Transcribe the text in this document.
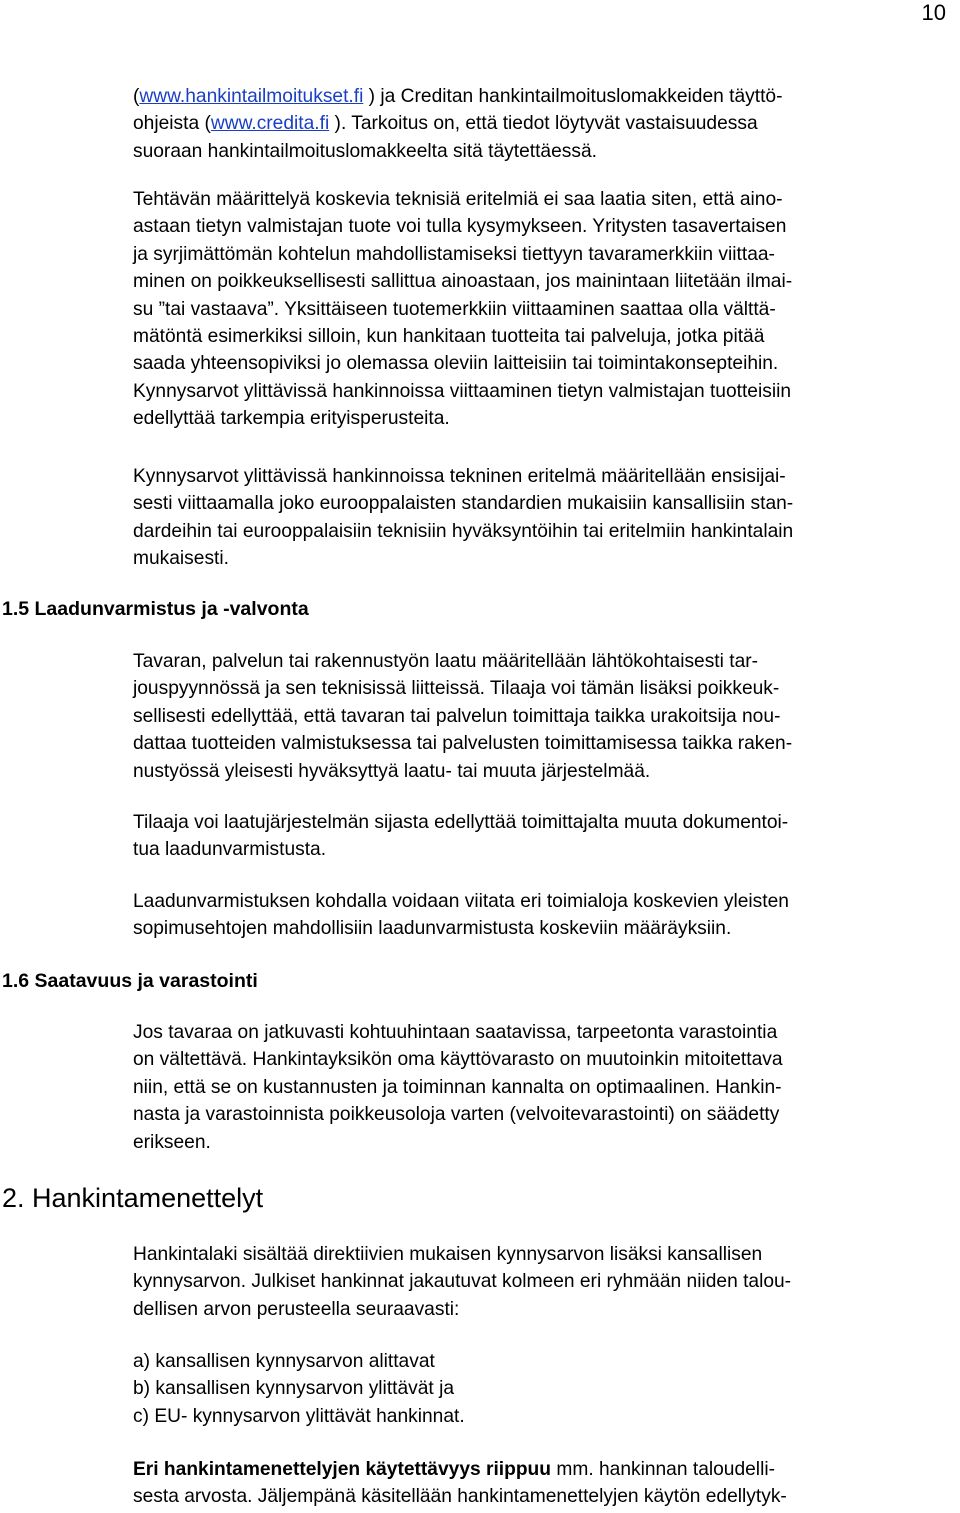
10

(www.hankintailmoitukset.fi ) ja Creditan hankintailmoituslomakkeiden täyttö-
ohjeista (www.credita.fi ). Tarkoitus on, että tiedot löytyvät vastaisuudessa
suoraan hankintailmoituslomakkeelta sitä täytettäessä.

Tehtävän määrittelyä koskevia teknisiä eritelmiä ei saa laatia siten, että aino-
astaan tietyn valmistajan tuote voi tulla kysymykseen. Yritysten tasavertaisen
ja syrjimättömän kohtelun mahdollistamiseksi tiettyyn tavaramerkkiin viittaa-
minen on poikkeuksellisesti sallittua ainoastaan, jos mainintaan liitetään ilmai-
su ”tai vastaava”. Yksittäiseen tuotemerkkiin viittaaminen saattaa olla välttä-
mätöntä esimerkiksi silloin, kun hankitaan tuotteita tai palveluja, jotka pitää
saada yhteensopiviksi jo olemassa oleviin laitteisiin tai toimintakonsepteihin.
Kynnysarvot ylittävissä hankinnoissa viittaaminen tietyn valmistajan tuotteisiin
edellyttää tarkempia erityisperusteita.

Kynnysarvot ylittävissä hankinnoissa tekninen eritelmä määritellään ensisijai-
sesti viittaamalla joko eurooppalaisten standardien mukaisiin kansallisiin stan-
dardeihin tai eurooppalaisiin teknisiin hyväksyntöihin tai eritelmiin hankintalain
mukaisesti.

1.5 Laadunvarmistus ja -valvonta

Tavaran, palvelun tai rakennustyön laatu määritellään lähtökohtaisesti tar-
jouspyynnössä ja sen teknisissä liitteissä. Tilaaja voi tämän lisäksi poikkeuk-
sellisesti edellyttää, että tavaran tai palvelun toimittaja taikka urakoitsija nou-
dattaa tuotteiden valmistuksessa tai palvelusten toimittamisessa taikka raken-
nustyössä yleisesti hyväksyttyä laatu- tai muuta järjestelmää.

Tilaaja voi laatujärjestelmän sijasta edellyttää toimittajalta muuta dokumentoi-
tua laadunvarmistusta.

Laadunvarmistuksen kohdalla voidaan viitata eri toimialoja koskevien yleisten
sopimusehtojen mahdollisiin laadunvarmistusta koskeviin määräyksiin.

1.6 Saatavuus ja varastointi

Jos tavaraa on jatkuvasti kohtuuhintaan saatavissa, tarpeetonta varastointia
on vältettävä. Hankintayksikön oma käyttövarasto on muutoinkin mitoitettava
niin, että se on kustannusten ja toiminnan kannalta on optimaalinen. Hankin-
nasta ja varastoinnista poikkeusoloja varten (velvoitevarastointi) on säädetty
erikseen.

2. Hankintamenettelyt

Hankintalaki sisältää direktiivien mukaisen kynnysarvon lisäksi kansallisen
kynnysarvon. Julkiset hankinnat jakautuvat kolmeen eri ryhmään niiden talou-
dellisen arvon perusteella seuraavasti:

a) kansallisen kynnysarvon alittavat
b) kansallisen kynnysarvon ylittävät ja
c) EU- kynnysarvon ylittävät hankinnat.

Eri hankintamenettelyjen käytettävyys riippuu mm. hankinnan taloudelli-
sesta arvosta. Jäljempänä käsitellään hankintamenettelyjen käytön edellytyk-
